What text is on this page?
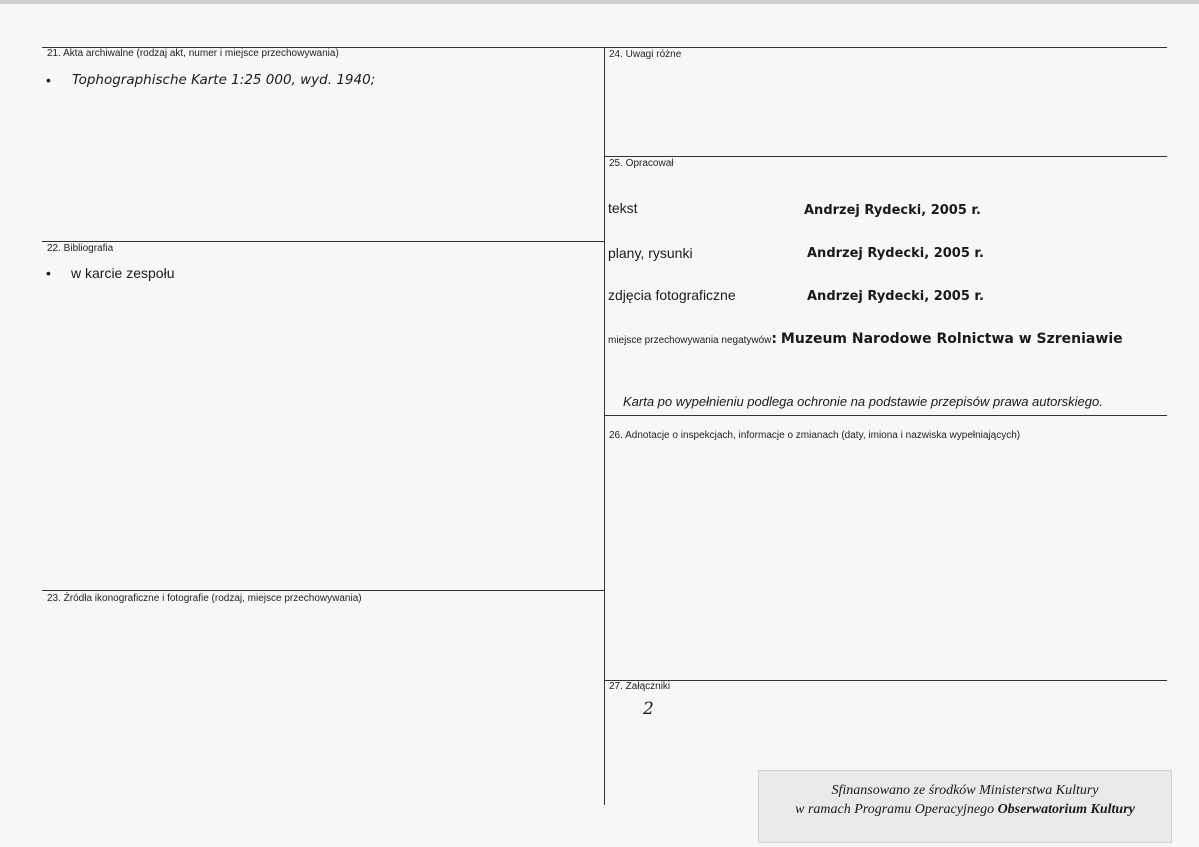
21. Akta archiwalne (rodzaj akt, numer i miejsce przechowywania)
• Tophographische Karte 1:25 000, wyd. 1940;
22. Bibliografia
• w karcie zespołu
23. Źródła ikonograficzne i fotografie (rodzaj, miejsce przechowywania)
24. Uwagi różne
25. Opracował
tekst	Andrzej Rydecki, 2005 r.
plany, rysunki	Andrzej Rydecki, 2005 r.
zdjęcia fotograficzne	Andrzej Rydecki, 2005 r.
miejsce przechowywania negatywów: Muzeum Narodowe Rolnictwa w Szreniawie
Karta po wypełnieniu podlega ochronie na podstawie przepisów prawa autorskiego.
26. Adnotacje o inspekcjach, informacje o zmianach (daty, imiona i nazwiska wypełniających)
27. Załączniki
2
Sfinansowano ze środków Ministerstwa Kultury
w ramach Programu Operacyjnego Obserwatorium Kultury
